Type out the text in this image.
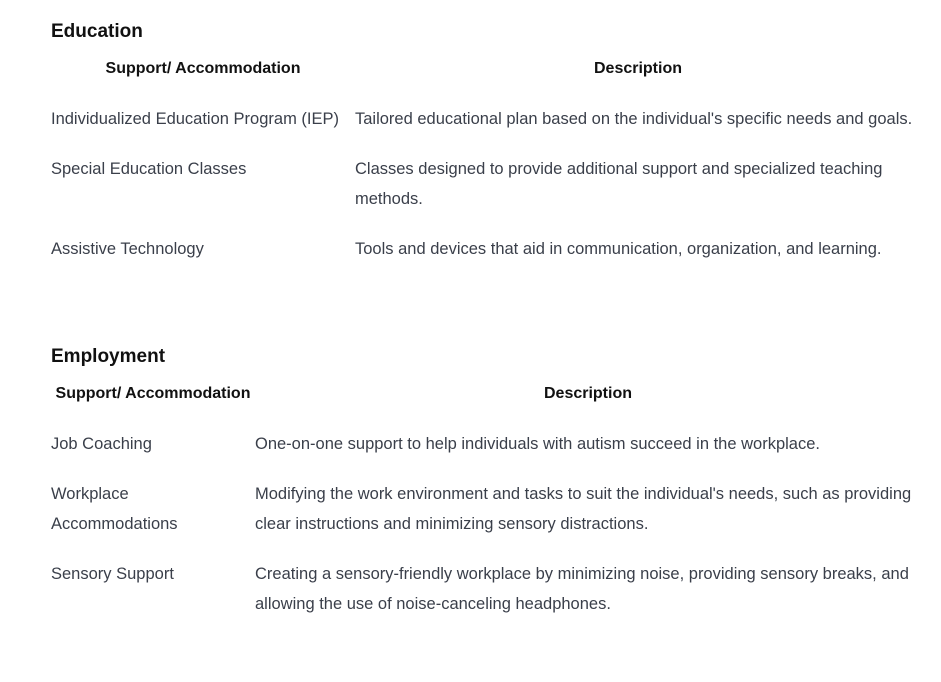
Education
Support/ Accommodation	Description
Individualized Education Program (IEP)	Tailored educational plan based on the individual's specific needs and goals.
Special Education Classes	Classes designed to provide additional support and specialized teaching methods.
Assistive Technology	Tools and devices that aid in communication, organization, and learning.
Employment
Support/ Accommodation	Description
Job Coaching	One-on-one support to help individuals with autism succeed in the workplace.
Workplace Accommodations	Modifying the work environment and tasks to suit the individual's needs, such as providing clear instructions and minimizing sensory distractions.
Sensory Support	Creating a sensory-friendly workplace by minimizing noise, providing sensory breaks, and allowing the use of noise-canceling headphones.
